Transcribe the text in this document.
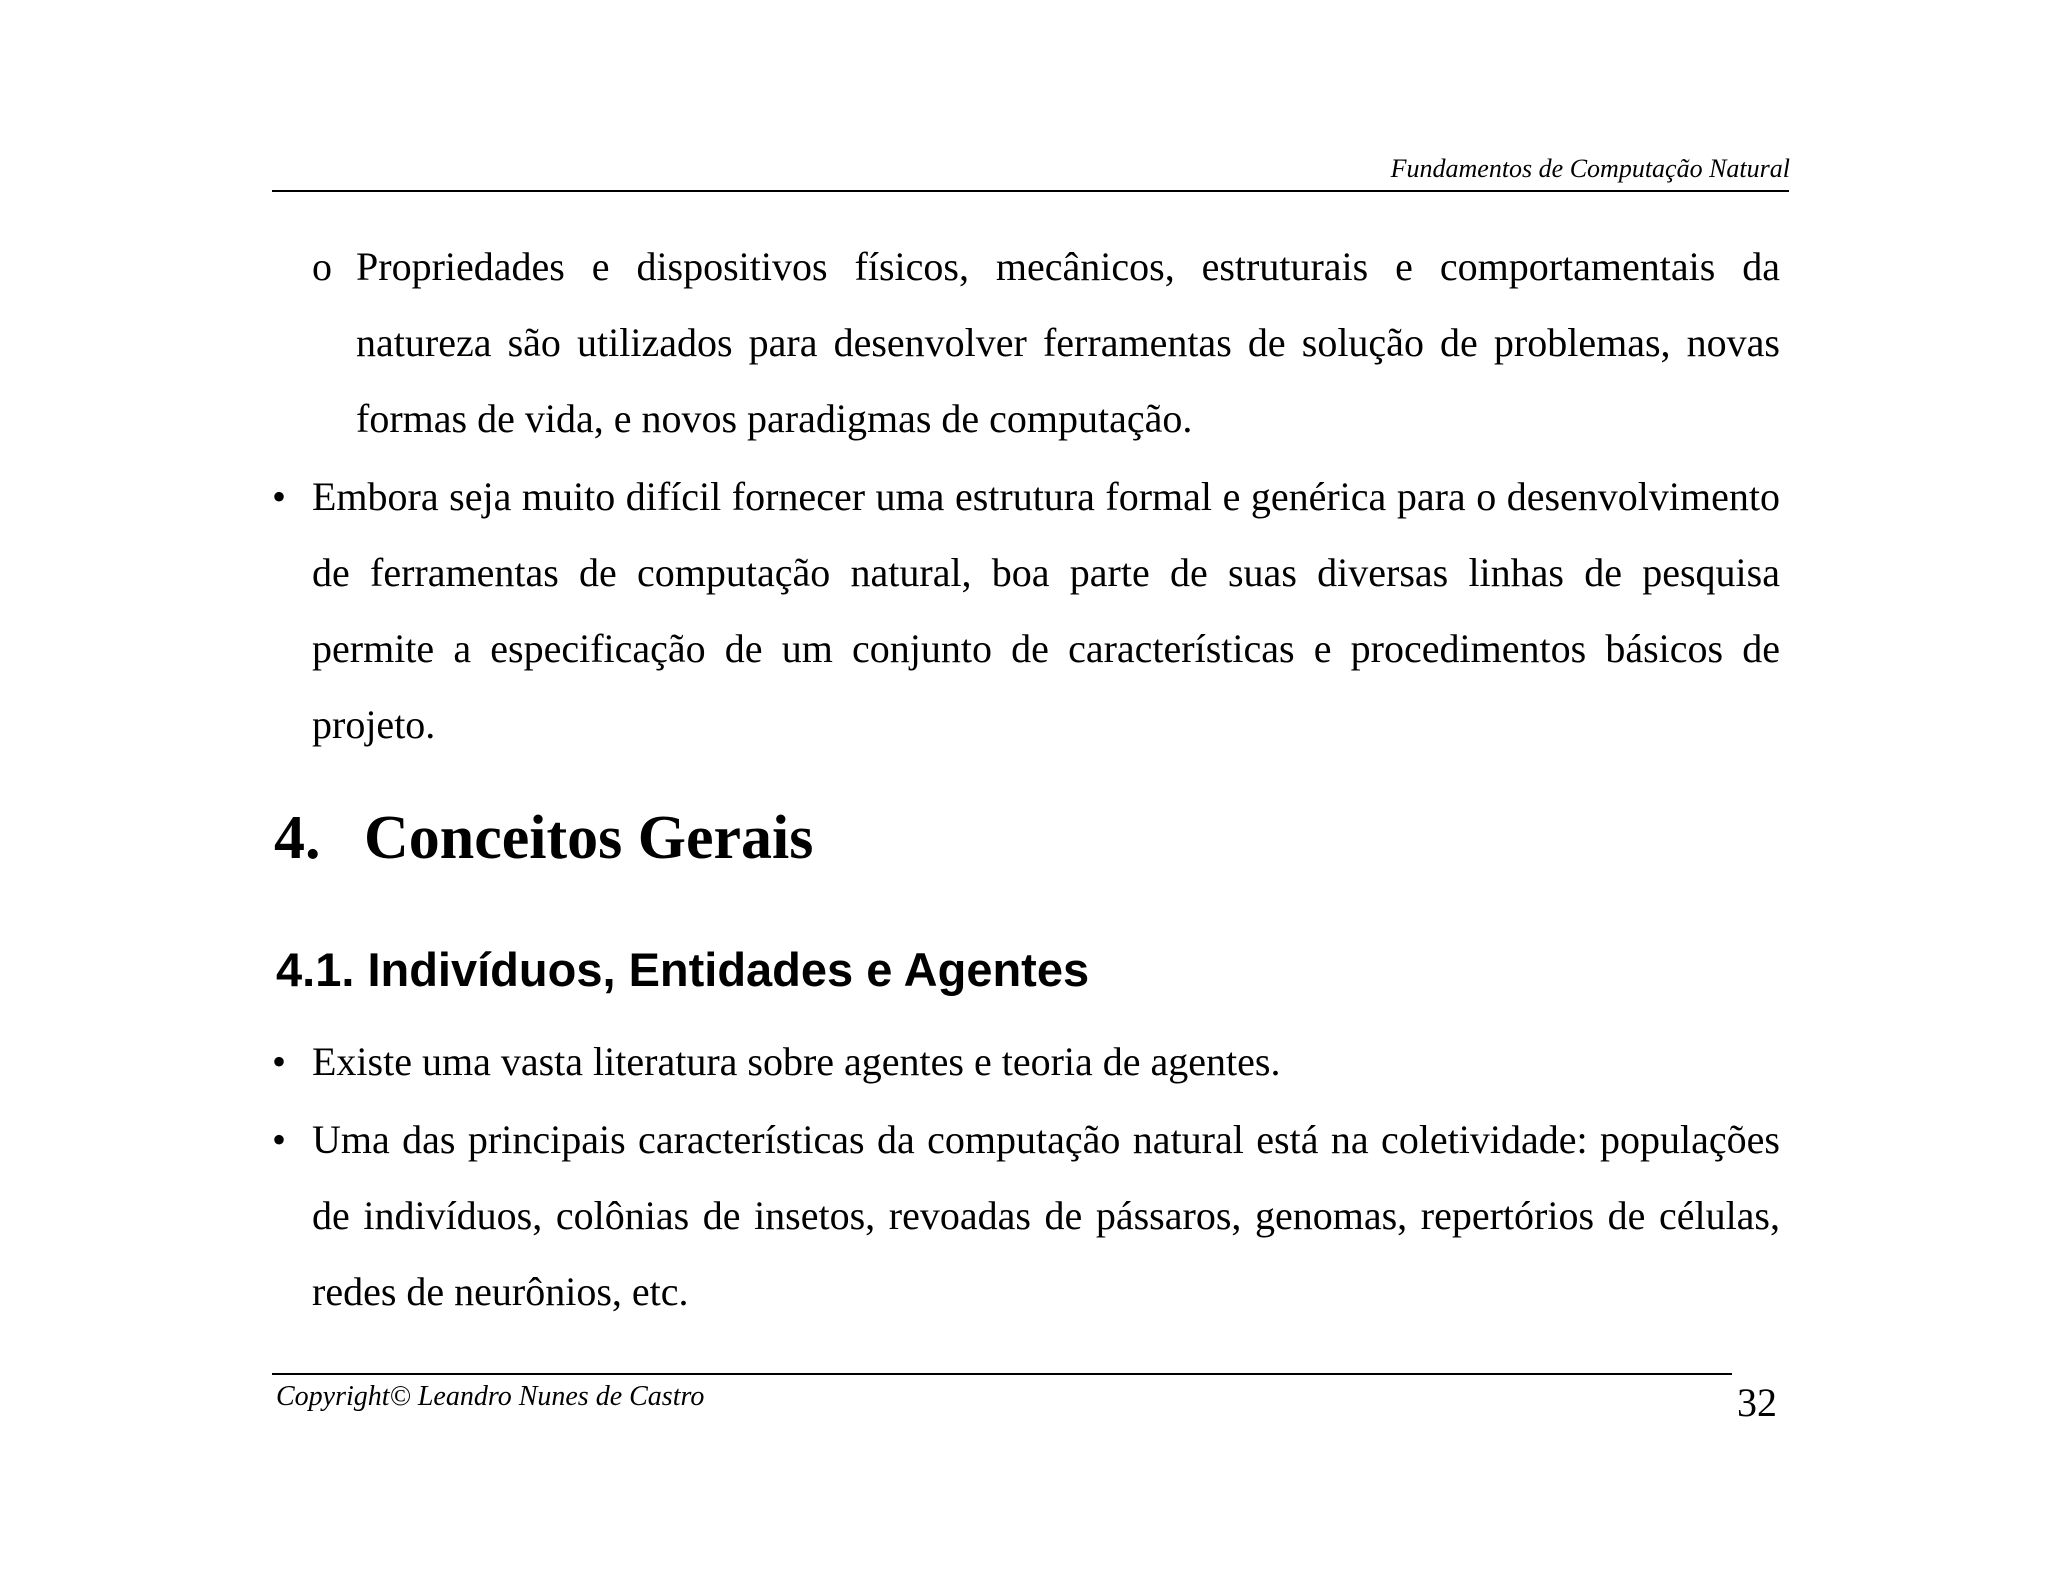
Fundamentos de Computação Natural
o Propriedades e dispositivos físicos, mecânicos, estruturais e comportamentais da natureza são utilizados para desenvolver ferramentas de solução de problemas, novas formas de vida, e novos paradigmas de computação.
• Embora seja muito difícil fornecer uma estrutura formal e genérica para o desenvolvimento de ferramentas de computação natural, boa parte de suas diversas linhas de pesquisa permite a especificação de um conjunto de características e procedimentos básicos de projeto.
4. Conceitos Gerais
4.1. Indivíduos, Entidades e Agentes
• Existe uma vasta literatura sobre agentes e teoria de agentes.
• Uma das principais características da computação natural está na coletividade: populações de indivíduos, colônias de insetos, revoadas de pássaros, genomas, repertórios de células, redes de neurônios, etc.
Copyright© Leandro Nunes de Castro	32
